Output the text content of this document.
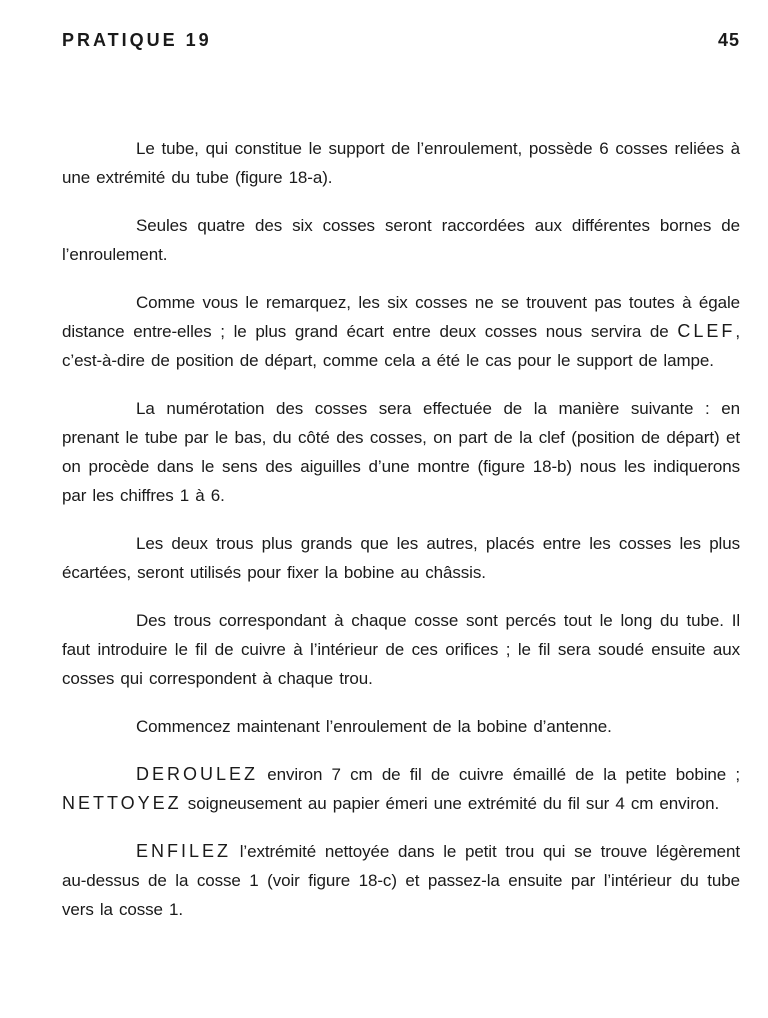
PRATIQUE 19	45

Le tube, qui constitue le support de l’enroulement, possède 6 cosses reliées à une extrémité du tube (figure 18-a).

Seules quatre des six cosses seront raccordées aux différentes bornes de l’enroulement.

Comme vous le remarquez, les six cosses ne se trouvent pas toutes à égale distance entre-elles ; le plus grand écart entre deux cosses nous servira de CLEF, c’est-à-dire de position de départ, comme cela a été le cas pour le support de lampe.

La numérotation des cosses sera effectuée de la manière suivante : en prenant le tube par le bas, du côté des cosses, on part de la clef (position de départ) et on procède dans le sens des aiguilles d’une montre (figure 18-b) nous les indiquerons par les chiffres 1 à 6.

Les deux trous plus grands que les autres, placés entre les cosses les plus écartées, seront utilisés pour fixer la bobine au châssis.

Des trous correspondant à chaque cosse sont percés tout le long du tube. Il faut introduire le fil de cuivre à l’intérieur de ces orifices ; le fil sera soudé ensuite aux cosses qui correspondent à chaque trou.

Commencez maintenant l’enroulement de la bobine d’antenne.

DEROULEZ environ 7 cm de fil de cuivre émaillé de la petite bobine ; NETTOYEZ soigneusement au papier émeri une extrémité du fil sur 4 cm environ.

ENFILEZ l’extrémité nettoyée dans le petit trou qui se trouve légèrement au-dessus de la cosse 1 (voir figure 18-c) et passez-la ensuite par l’intérieur du tube vers la cosse 1.
